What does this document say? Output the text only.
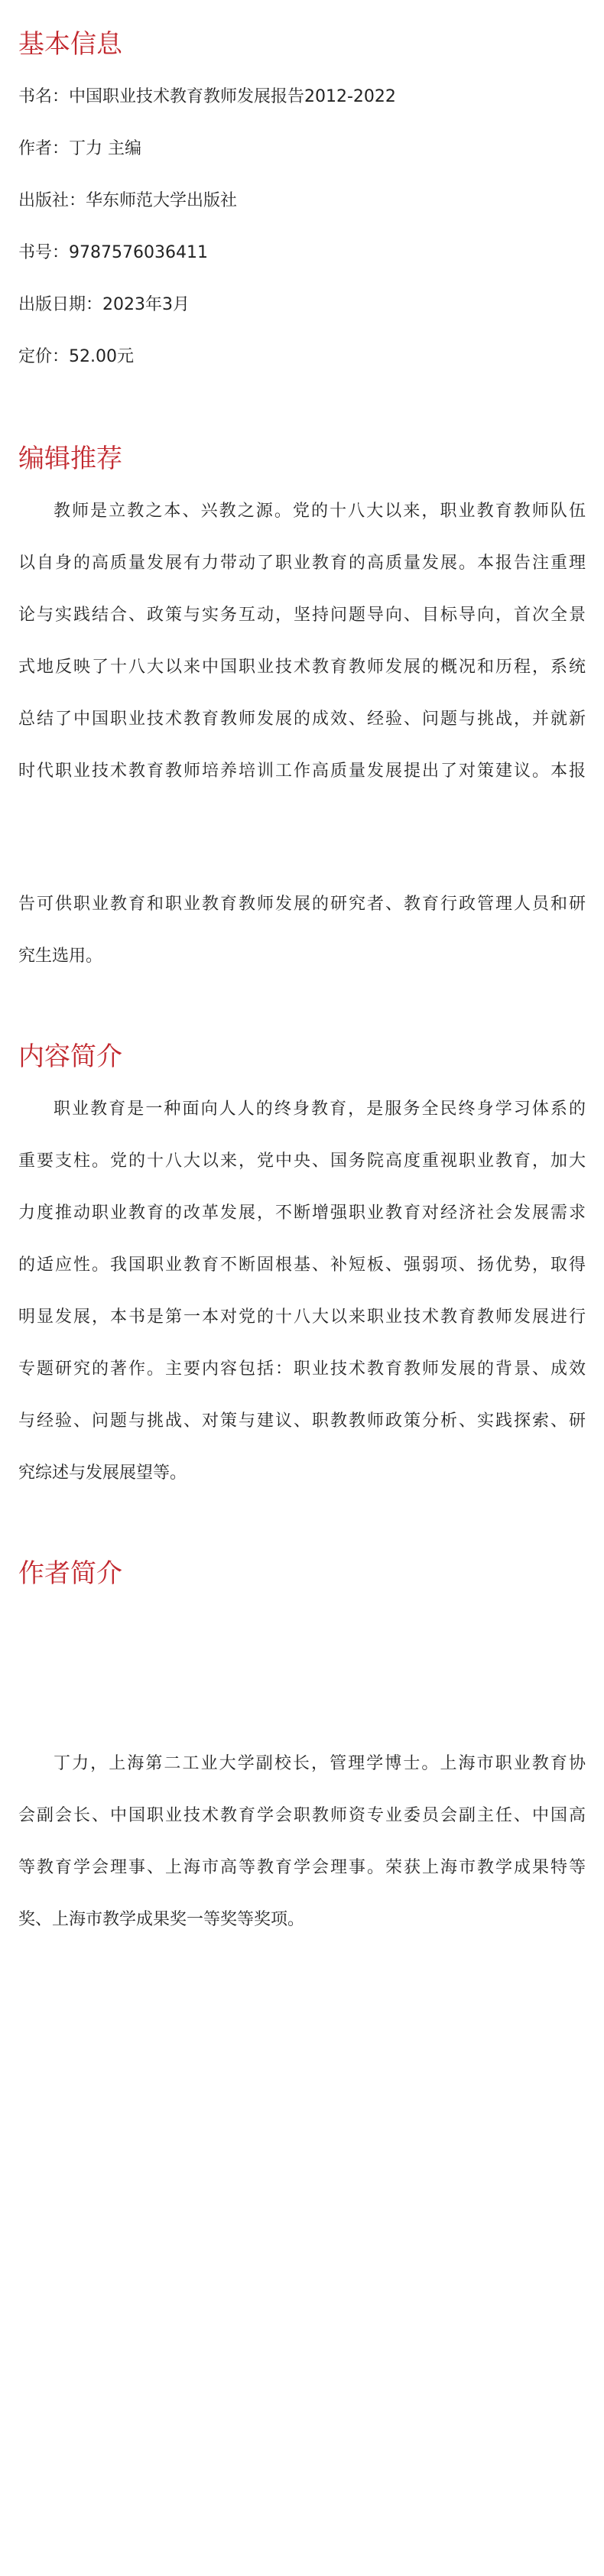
基本信息

书名：中国职业技术教育教师发展报告2012-2022

作者：丁力 主编

出版社：华东师范大学出版社

书号：9787576036411

出版日期：2023年3月

定价：52.00元

编辑推荐

教师是立教之本、兴教之源。党的十八大以来，职业教育教师队伍

以自身的高质量发展有力带动了职业教育的高质量发展。本报告注重理

论与实践结合、政策与实务互动，坚持问题导向、目标导向，首次全景

式地反映了十八大以来中国职业技术教育教师发展的概况和历程，系统

总结了中国职业技术教育教师发展的成效、经验、问题与挑战，并就新

时代职业技术教育教师培养培训工作高质量发展提出了对策建议。本报

告可供职业教育和职业教育教师发展的研究者、教育行政管理人员和研

究生选用。

内容简介

职业教育是一种面向人人的终身教育，是服务全民终身学习体系的

重要支柱。党的十八大以来，党中央、国务院高度重视职业教育，加大

力度推动职业教育的改革发展，不断增强职业教育对经济社会发展需求

的适应性。我国职业教育不断固根基、补短板、强弱项、扬优势，取得

明显发展，本书是第一本对党的十八大以来职业技术教育教师发展进行

专题研究的著作。主要内容包括：职业技术教育教师发展的背景、成效

与经验、问题与挑战、对策与建议、职教教师政策分析、实践探索、研

究综述与发展展望等。

作者简介

丁力，上海第二工业大学副校长，管理学博士。上海市职业教育协

会副会长、中国职业技术教育学会职教师资专业委员会副主任、中国高

等教育学会理事、上海市高等教育学会理事。荣获上海市教学成果特等

奖、上海市教学成果奖一等奖等奖项。
